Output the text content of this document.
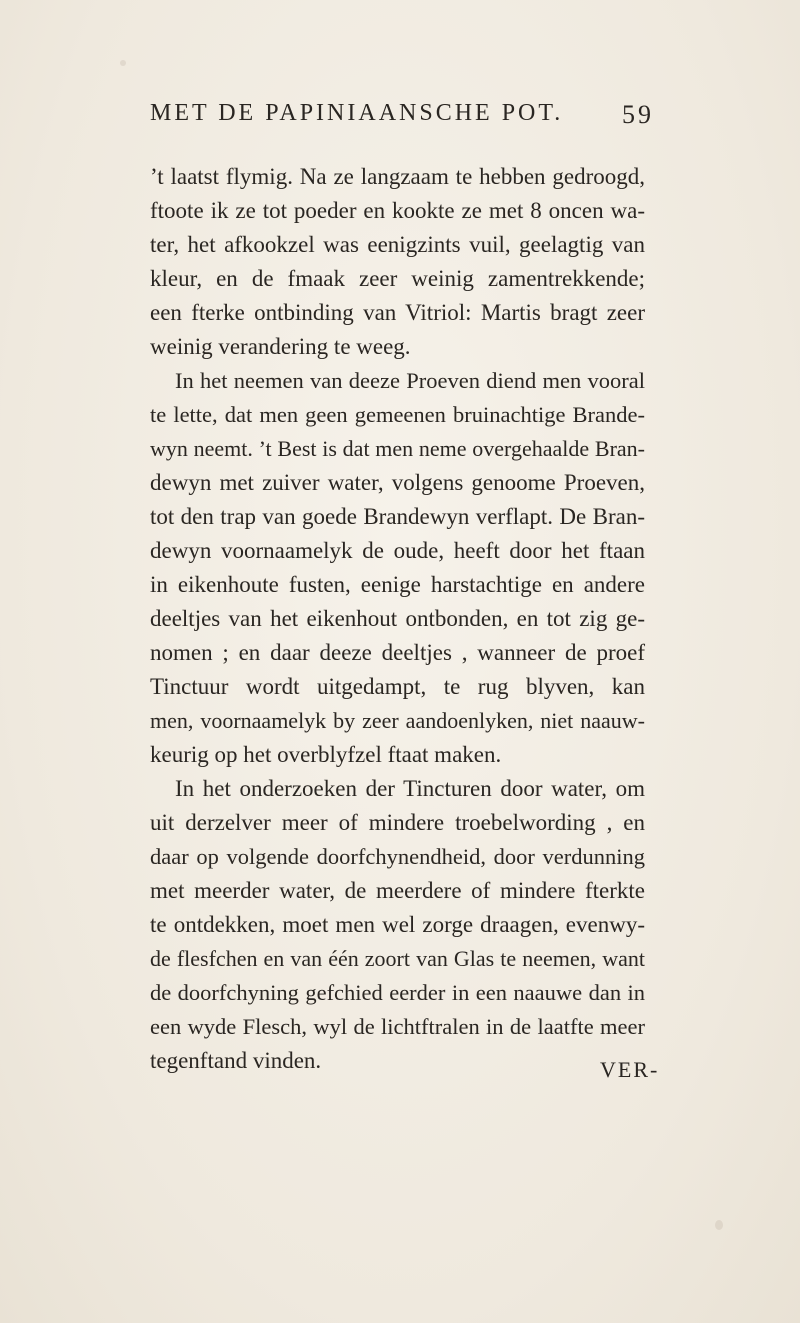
MET DE PAPINIAANSCHE POT. 59
’t laatst flymig. Na ze langzaam te hebben gedroogd,
ftoote ik ze tot poeder en kookte ze met 8 oncen wa-
ter, het afkookzel was eenigzints vuil, geelagtig van
kleur, en de fmaak zeer weinig zamentrekkende;
een fterke ontbinding van Vitriol: Martis bragt zeer
weinig verandering te weeg.
In het neemen van deeze Proeven diend men vooral
te lette, dat men geen gemeenen bruinachtige Brande-
wyn neemt. ’t Best is dat men neme overgehaalde Bran-
dewyn met zuiver water, volgens genoome Proeven,
tot den trap van goede Brandewyn verflapt. De Bran-
dewyn voornaamelyk de oude, heeft door het ftaan
in eikenhoute fusten, eenige harstachtige en andere
deeltjes van het eikenhout ontbonden, en tot zig ge-
nomen ; en daar deeze deeltjes , wanneer de proef
Tinctuur wordt uitgedampt, te rug blyven, kan
men, voornaamelyk by zeer aandoenlyken, niet naauw-
keurig op het overblyfzel ftaat maken.
In het onderzoeken der Tincturen door water, om
uit derzelver meer of mindere troebelwording , en
daar op volgende doorfchynendheid, door verdunning
met meerder water, de meerdere of mindere fterkte
te ontdekken, moet men wel zorge draagen, evenwy-
de flesfchen en van één zoort van Glas te neemen, want
de doorfchyning gefchied eerder in een naauwe dan in
een wyde Flesch, wyl de lichtftralen in de laatfte meer
tegenftand vinden.	VER-
